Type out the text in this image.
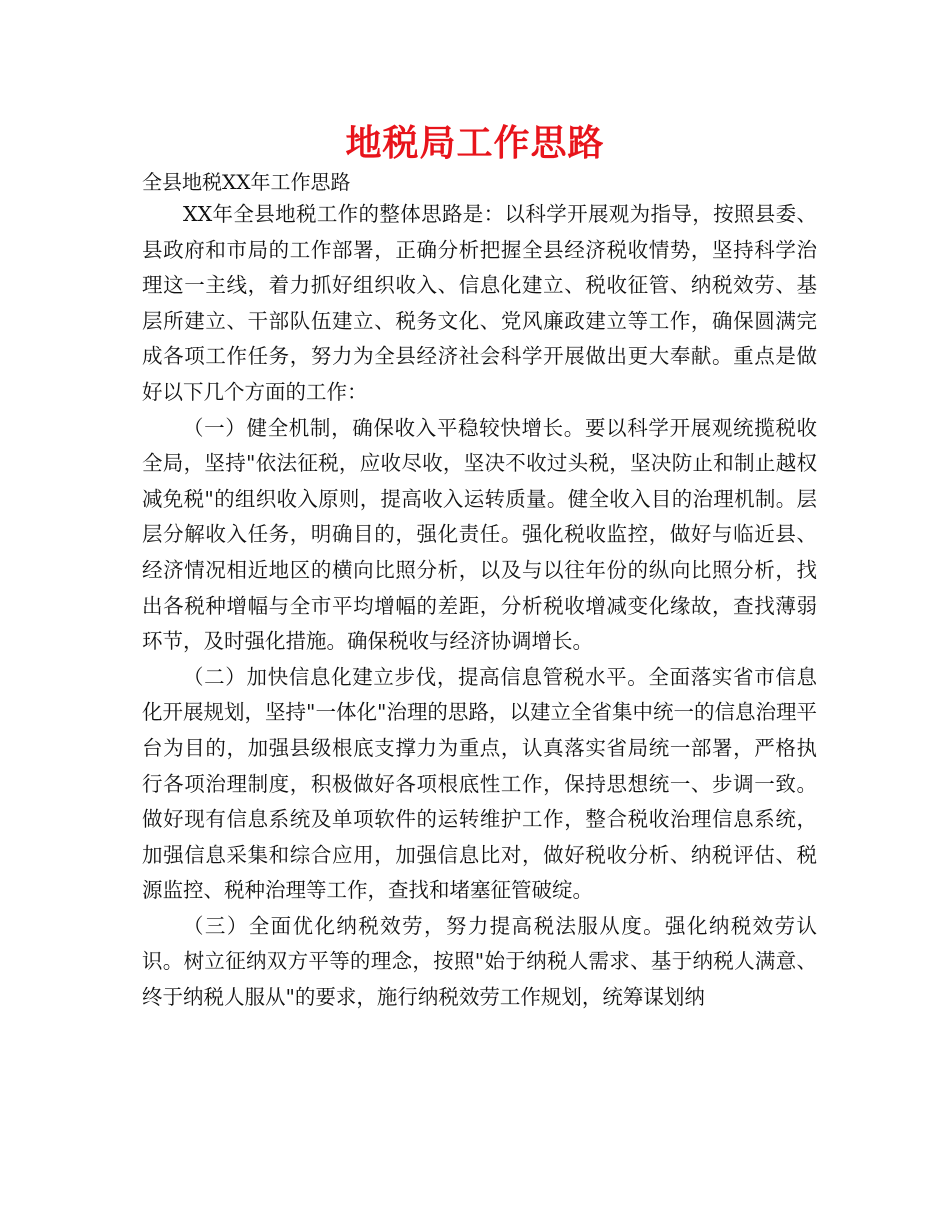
地税局工作思路
全县地税XX年工作思路

XX年全县地税工作的整体思路是：以科学开展观为指导，按照县委、县政府和市局的工作部署，正确分析把握全县经济税收情势，坚持科学治理这一主线，着力抓好组织收入、信息化建立、税收征管、纳税效劳、基层所建立、干部队伍建立、税务文化、党风廉政建立等工作，确保圆满完成各项工作任务，努力为全县经济社会科学开展做出更大奉献。重点是做好以下几个方面的工作：

（一）健全机制，确保收入平稳较快增长。要以科学开展观统揽税收全局，坚持"依法征税，应收尽收，坚决不收过头税，坚决防止和制止越权减免税"的组织收入原则，提高收入运转质量。健全收入目的治理机制。层层分解收入任务，明确目的，强化责任。强化税收监控，做好与临近县、经济情况相近地区的横向比照分析，以及与以往年份的纵向比照分析，找出各税种增幅与全市平均增幅的差距，分析税收增减变化缘故，查找薄弱环节，及时强化措施。确保税收与经济协调增长。

（二）加快信息化建立步伐，提高信息管税水平。全面落实省市信息化开展规划，坚持"一体化"治理的思路，以建立全省集中统一的信息治理平台为目的，加强县级根底支撑力为重点，认真落实省局统一部署，严格执行各项治理制度，积极做好各项根底性工作，保持思想统一、步调一致。做好现有信息系统及单项软件的运转维护工作，整合税收治理信息系统，加强信息采集和综合应用，加强信息比对，做好税收分析、纳税评估、税源监控、税种治理等工作，查找和堵塞征管破绽。

（三）全面优化纳税效劳，努力提高税法服从度。强化纳税效劳认识。树立征纳双方平等的理念，按照"始于纳税人需求、基于纳税人满意、终于纳税人服从"的要求，施行纳税效劳工作规划，统筹谋划纳
